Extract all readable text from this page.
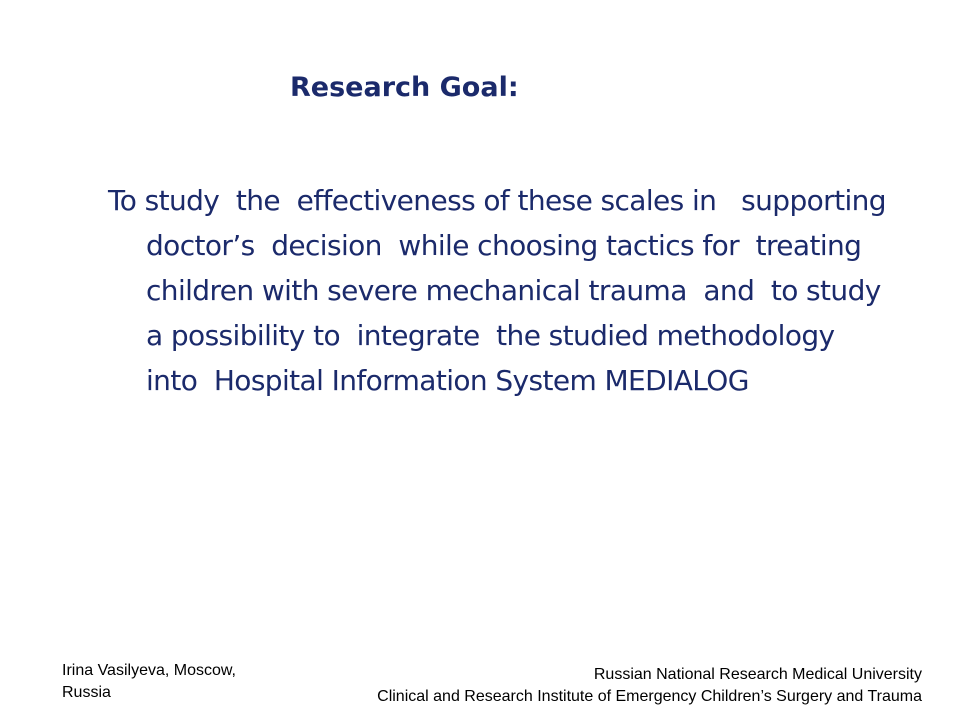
Research Goal:

To study  the  effectiveness of these scales in   supporting doctor’s  decision  while choosing tactics for  treating children with severe mechanical trauma  and  to study a possibility to  integrate  the studied methodology  into  Hospital Information System MEDIALOG

Irina Vasilyeva, Moscow,
Russia
Russian National Research Medical University
Clinical and Research Institute of Emergency Children’s Surgery and Trauma
